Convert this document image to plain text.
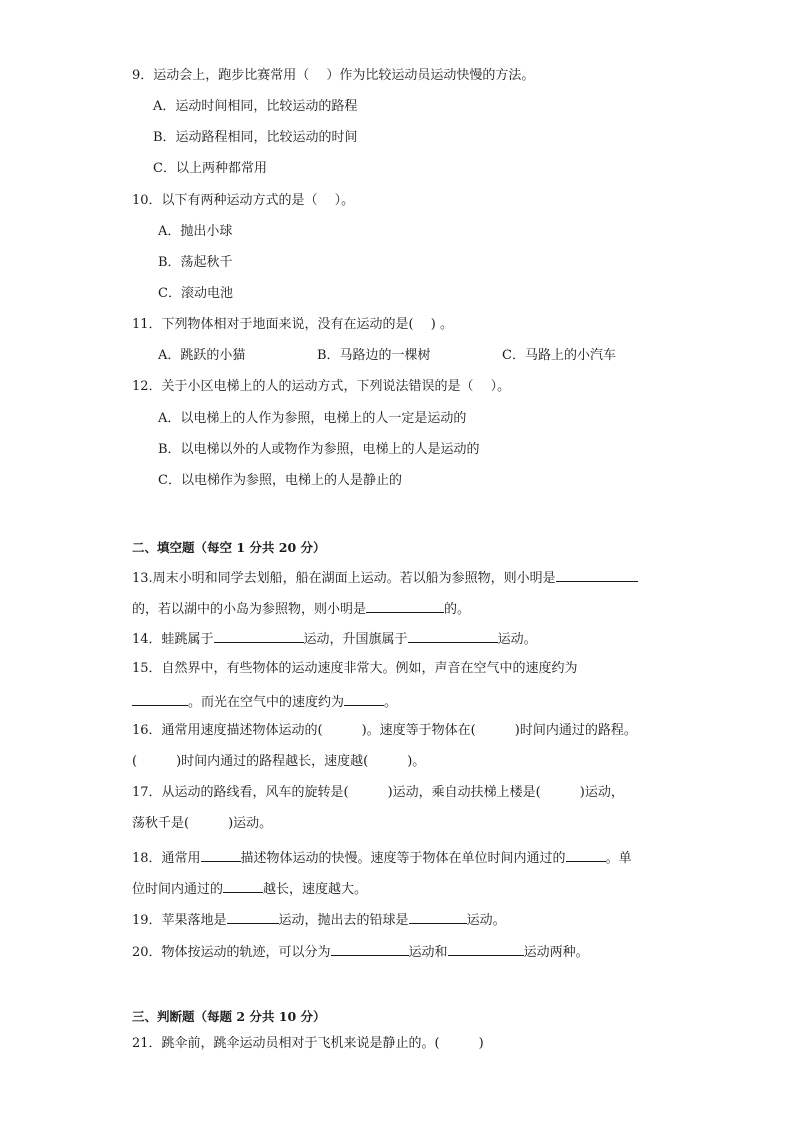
9．运动会上，跑步比赛常用（　 ）作为比较运动员运动快慢的方法。
A．运动时间相同，比较运动的路程
B．运动路程相同，比较运动的时间
C．以上两种都常用
10．以下有两种运动方式的是（　 ）。
A．抛出小球
B．荡起秋千
C．滚动电池
11．下列物体相对于地面来说，没有在运动的是(　 ) 。
A．跳跃的小猫	B．马路边的一棵树	C．马路上的小汽车
12．关于小区电梯上的人的运动方式，下列说法错误的是（　 ）。
A．以电梯上的人作为参照，电梯上的人一定是运动的
B．以电梯以外的人或物作为参照，电梯上的人是运动的
C．以电梯作为参照，电梯上的人是静止的
二、填空题（每空 1 分共 20 分）
13.周末小明和同学去划船，船在湖面上运动。若以船为参照物，则小明是
的，若以湖中的小岛为参照物，则小明是	的。
14．蛙跳属于	运动，升国旗属于	运动。
15．自然界中，有些物体的运动速度非常大。例如，声音在空气中的速度约为
。而光在空气中的速度约为	。
16．通常用速度描述物体运动的(　　　)。速度等于物体在(　　　)时间内通过的路程。
(　　　)时间内通过的路程越长，速度越(　　　)。
17．从运动的路线看，风车的旋转是(　　　)运动，乘自动扶梯上楼是(　　　)运动，
荡秋千是(　　　)运动。
18．通常用	描述物体运动的快慢。速度等于物体在单位时间内通过的	。单
位时间内通过的	越长，速度越大。
19．苹果落地是	运动，抛出去的铅球是	运动。
20．物体按运动的轨迹，可以分为	运动和	运动两种。
三、判断题（每题 2 分共 10 分）
21．跳伞前，跳伞运动员相对于飞机来说是静止的。(　　　)
